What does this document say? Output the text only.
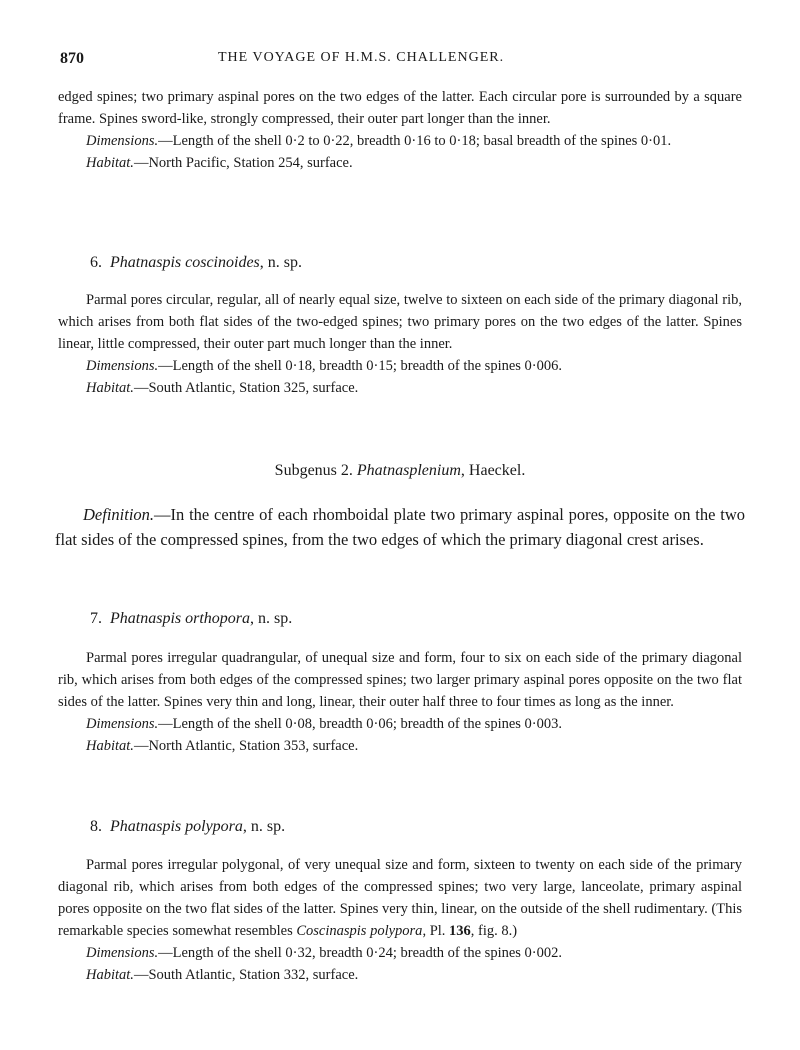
870	THE VOYAGE OF H.M.S. CHALLENGER.

edged spines; two primary aspinal pores on the two edges of the latter. Each circular pore is surrounded by a square frame. Spines sword-like, strongly compressed, their outer part longer than the inner.

Dimensions.—Length of the shell 0·2 to 0·22, breadth 0·16 to 0·18; basal breadth of the spines 0·01.

Habitat.—North Pacific, Station 254, surface.

6. Phatnaspis coscinoides, n. sp.

Parmal pores circular, regular, all of nearly equal size, twelve to sixteen on each side of the primary diagonal rib, which arises from both flat sides of the two-edged spines; two primary pores on the two edges of the latter. Spines linear, little compressed, their outer part much longer than the inner.

Dimensions.—Length of the shell 0·18, breadth 0·15; breadth of the spines 0·006.

Habitat.—South Atlantic, Station 325, surface.

Subgenus 2. Phatnasplenium, Haeckel.

Definition.—In the centre of each rhomboidal plate two primary aspinal pores, opposite on the two flat sides of the compressed spines, from the two edges of which the primary diagonal crest arises.

7. Phatnaspis orthopora, n. sp.

Parmal pores irregular quadrangular, of unequal size and form, four to six on each side of the primary diagonal rib, which arises from both edges of the compressed spines; two larger primary aspinal pores opposite on the two flat sides of the latter. Spines very thin and long, linear, their outer half three to four times as long as the inner.

Dimensions.—Length of the shell 0·08, breadth 0·06; breadth of the spines 0·003.

Habitat.—North Atlantic, Station 353, surface.

8. Phatnaspis polypora, n. sp.

Parmal pores irregular polygonal, of very unequal size and form, sixteen to twenty on each side of the primary diagonal rib, which arises from both edges of the compressed spines; two very large, lanceolate, primary aspinal pores opposite on the two flat sides of the latter. Spines very thin, linear, on the outside of the shell rudimentary. (This remarkable species somewhat resembles Coscinaspis polypora, Pl. 136, fig. 8.)

Dimensions.—Length of the shell 0·32, breadth 0·24; breadth of the spines 0·002.

Habitat.—South Atlantic, Station 332, surface.
